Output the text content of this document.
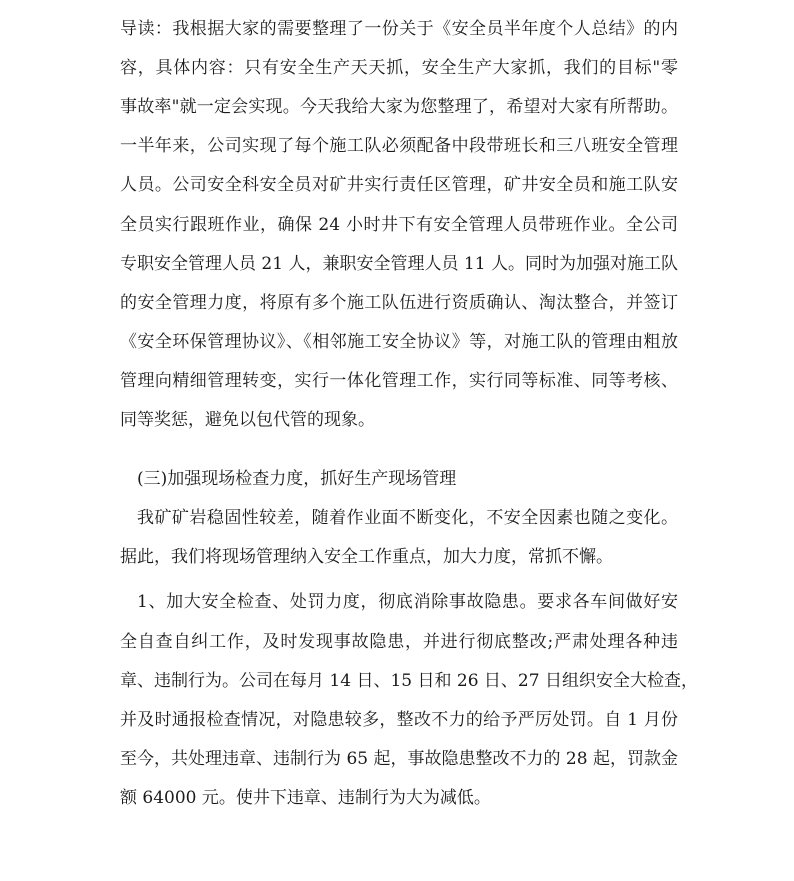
导读：我根据大家的需要整理了一份关于《安全员半年度个人总结》的内
容，具体内容：只有安全生产天天抓，安全生产大家抓，我们的目标"零
事故率"就一定会实现。今天我给大家为您整理了，希望对大家有所帮助。
一半年来，公司实现了每个施工队必须配备中段带班长和三八班安全管理
人员。公司安全科安全员对矿井实行责任区管理，矿井安全员和施工队安
全员实行跟班作业，确保 24 小时井下有安全管理人员带班作业。全公司
专职安全管理人员 21 人，兼职安全管理人员 11 人。同时为加强对施工队
的安全管理力度，将原有多个施工队伍进行资质确认、淘汰整合，并签订
《安全环保管理协议》、《相邻施工安全协议》等，对施工队的管理由粗放
管理向精细管理转变，实行一体化管理工作，实行同等标准、同等考核、
同等奖惩，避免以包代管的现象。
(三)加强现场检查力度，抓好生产现场管理
我矿矿岩稳固性较差，随着作业面不断变化，不安全因素也随之变化。
据此，我们将现场管理纳入安全工作重点，加大力度，常抓不懈。
1、加大安全检查、处罚力度，彻底消除事故隐患。要求各车间做好安
全自查自纠工作，及时发现事故隐患，并进行彻底整改;严肃处理各种违
章、违制行为。公司在每月 14 日、15 日和 26 日、27 日组织安全大检查，
并及时通报检查情况，对隐患较多，整改不力的给予严厉处罚。自 1 月份
至今，共处理违章、违制行为 65 起，事故隐患整改不力的 28 起，罚款金
额 64000 元。使井下违章、违制行为大为减低。
